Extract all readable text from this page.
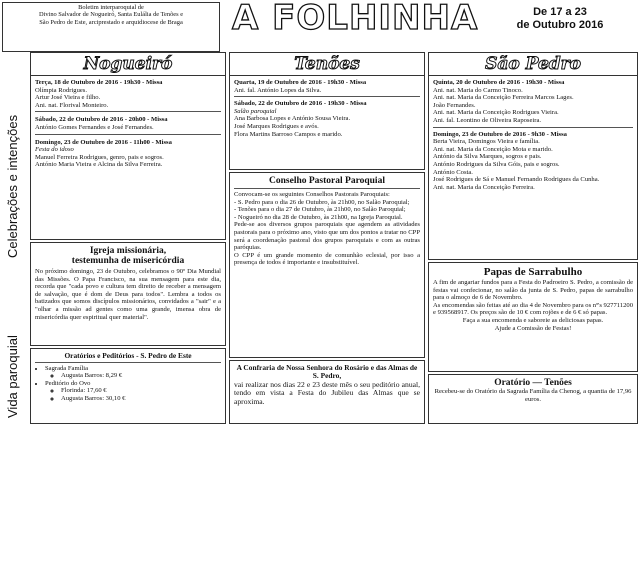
Boletim interparoquial de
Divino Salvador de Nogueiró, Santa Eulália de Tenões e
São Pedro de Este, arciprestado e arquidiocese de Braga	A FOLHINHA	De 17 a 23
de Outubro 2016
Celebrações e intenções
Vida paroquial
Nogueiró
Terça, 18 de Outubro de 2016 - 19h30 - Missa
Olímpia Rodrigues.
Artur José Vieira e filho.
Ani. nat. Florival Monteiro.
Sábado, 22 de Outubro de 2016 - 20h00 - Missa
António Gomes Fernandes e José Fernandes.
Domingo, 23 de Outubro de 2016 - 11h00 - Missa
Festa do idoso
Manuel Ferreira Rodrigues, genro, pais e sogros.
António Maria Vieira e Alcina da Silva Ferreira.
Igreja missionária,
testemunha de misericórdia
No próximo domingo, 23 de Outubro, celebramos o 90º Dia Mundial das Missões. O Papa Francisco, na sua mensagem para este dia, recorda que "cada povo e cultura tem direito de receber a mensagem de salvação, que é dom de Deus para todos". Lembra a todos os batizados que somos discípulos missionários, convidados a "sair" e a "olhar a missão ad gentes como uma grande, imensa obra de misericórdia quer espiritual quer material".
Oratórios e Peditórios - S. Pedro de Este
• Sagrada Família
◦ Augusta Barros: 8,29 €
• Peditório do Ovo
◦ Florinda: 17,60 €
◦ Augusta Barros: 30,10 €
Tenões
Quarta, 19 de Outubro de 2016 - 19h30 - Missa
Ani. fal. António Lopes da Silva.
Sábado, 22 de Outubro de 2016 - 19h30 - Missa
Salão paroquial
Ana Barbosa Lopes e António Sousa Vieira.
José Marques Rodrigues e avós.
Flora Martins Barroso Campos e marido.
Conselho Pastoral Paroquial
Convocam-se os seguintes Conselhos Pastorais Paroquiais:
- S. Pedro para o dia 26 de Outubro, às 21h00, no Salão Paroquial;
- Tenões para o dia 27 de Outubro, às 21h00, no Salão Paroquial;
- Nogueiró no dia 28 de Outubro, às 21h00, na Igreja Paroquial.
Pede-se aos diversos grupos paroquiais que agendem as atividades pastorais para o próximo ano, visto que um dos pontos a tratar no CPP será a coordenação pastoral dos grupos paroquiais e com as outras paróquias.
O CPP é um grande momento de comunhão eclesial, por isso a presença de todos é importante e insubstituível.
A Confraria de Nossa Senhora do Rosário e das Almas de S. Pedro,
vai realizar nos dias 22 e 23 deste mês o seu peditório anual, tendo em vista a Festa do Jubileu das Almas que se aproxima.
São Pedro
Quinta, 20 de Outubro de 2016 - 19h30 - Missa
Ani. nat. Maria do Carmo Tinoco.
Ani. nat. Maria da Conceição Ferreira Marcos Lages.
João Fernandes.
Ani. nat. Maria da Conceição Rodrigues Vieira.
Ani. fal. Leontino de Oliveira Raposeira.
Domingo, 23 de Outubro de 2016 - 9h30 - Missa
Berta Vieira, Domingos Vieira e família.
Ani. nat. Maria da Conceição Mota e marido.
António da Silva Marques, sogros e pais.
António Rodrigues da Silva Góis, pais e sogros.
António Costa.
José Rodrigues de Sá e Manuel Fernando Rodrigues da Cunha.
Ani. nat. Maria da Conceição Ferreira.
Papas de Sarrabulho
A fim de angariar fundos para a Festa do Padroeiro S. Pedro, a comissão de festas vai confecionar, no salão da junta de S. Pedro, papas de sarrabulho para o almoço de 6 de Novembro.
As encomendas são feitas até ao dia 4 de Novembro para os nº's 927711200 e 939568917. Os preços são de 10 € com rojões e de 6 € só papas.
Faça a sua encomenda e saboreie as deliciosas papas.
Ajude a Comissão de Festas!
Oratório — Tenões
Recebeu-se do Oratório da Sagrada Família da Chenog, a quantia de 17,96 euros.
